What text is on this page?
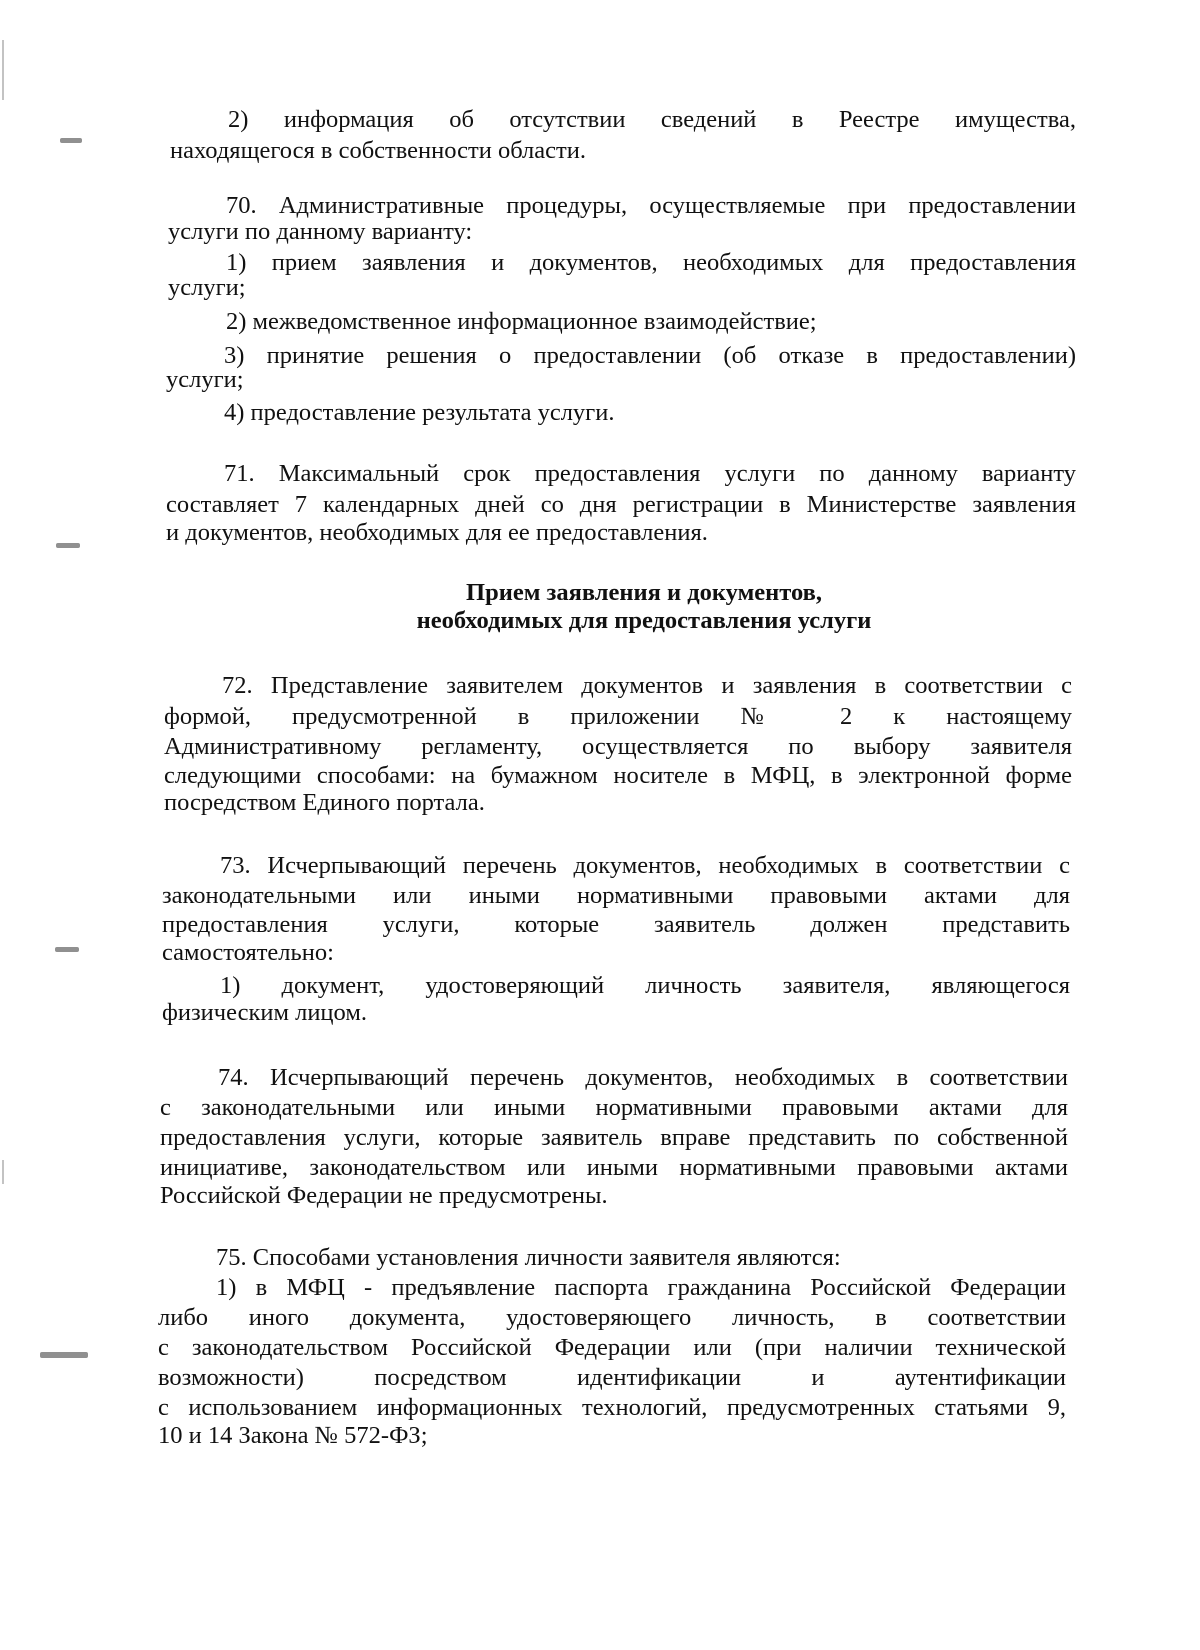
2) информация об отсутствии сведений в Реестре имущества,
находящегося в собственности области.
70. Административные процедуры, осуществляемые при предоставлении
услуги по данному варианту:
1) прием заявления и документов, необходимых для предоставления
услуги;
2) межведомственное информационное взаимодействие;
3) принятие решения о предоставлении (об отказе в предоставлении)
услуги;
4) предоставление результата услуги.
71. Максимальный срок предоставления услуги по данному варианту
составляет 7 календарных дней со дня регистрации в Министерстве заявления
и документов, необходимых для ее предоставления.
Прием заявления и документов,
необходимых для предоставления услуги
72. Представление заявителем документов и заявления в соответствии с
формой, предусмотренной в приложении № 2 к настоящему
Административному регламенту, осуществляется по выбору заявителя
следующими способами: на бумажном носителе в МФЦ, в электронной форме
посредством Единого портала.
73. Исчерпывающий перечень документов, необходимых в соответствии с
законодательными или иными нормативными правовыми актами для
предоставления услуги, которые заявитель должен представить
самостоятельно:
1) документ, удостоверяющий личность заявителя, являющегося
физическим лицом.
74. Исчерпывающий перечень документов, необходимых в соответствии
с законодательными или иными нормативными правовыми актами для
предоставления услуги, которые заявитель вправе представить по собственной
инициативе, законодательством или иными нормативными правовыми актами
Российской Федерации не предусмотрены.
75. Способами установления личности заявителя являются:
1) в МФЦ - предъявление паспорта гражданина Российской Федерации
либо иного документа, удостоверяющего личность, в соответствии
с законодательством Российской Федерации или (при наличии технической
возможности) посредством идентификации и аутентификации
с использованием информационных технологий, предусмотренных статьями 9,
10 и 14 Закона № 572-ФЗ;
